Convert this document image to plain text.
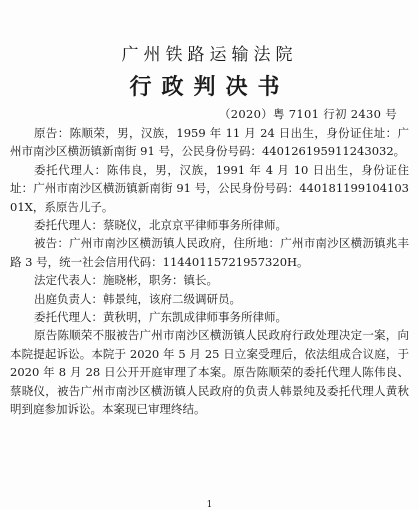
广州铁路运输法院
行政判决书
（2020）粤 7101 行初 2430 号

原告：陈顺荣，男，汉族，1959 年 11 月 24 日出生，身份证住址：广州市南沙区横沥镇新南街 91 号，公民身份号码：440126195911243032。

委托代理人：陈伟良，男，汉族，1991 年 4 月 10 日出生，身份证住址：广州市南沙区横沥镇新南街 91 号，公民身份号码：44018119910410301X，系原告儿子。

委托代理人：蔡晓仪，北京京平律师事务所律师。

被告：广州市南沙区横沥镇人民政府，住所地：广州市南沙区横沥镇兆丰路 3 号，统一社会信用代码：11440115721957320H。

法定代表人：施晓彬，职务：镇长。

出庭负责人：韩景纯，该府二级调研员。

委托代理人：黄秋明，广东凯成律师事务所律师。

原告陈顺荣不服被告广州市南沙区横沥镇人民政府行政处理决定一案，向本院提起诉讼。本院于 2020 年 5 月 25 日立案受理后，依法组成合议庭，于 2020 年 8 月 28 日公开开庭审理了本案。原告陈顺荣的委托代理人陈伟良、蔡晓仪，被告广州市南沙区横沥镇人民政府的负责人韩景纯及委托代理人黄秋明到庭参加诉讼。本案现已审理终结。

1
